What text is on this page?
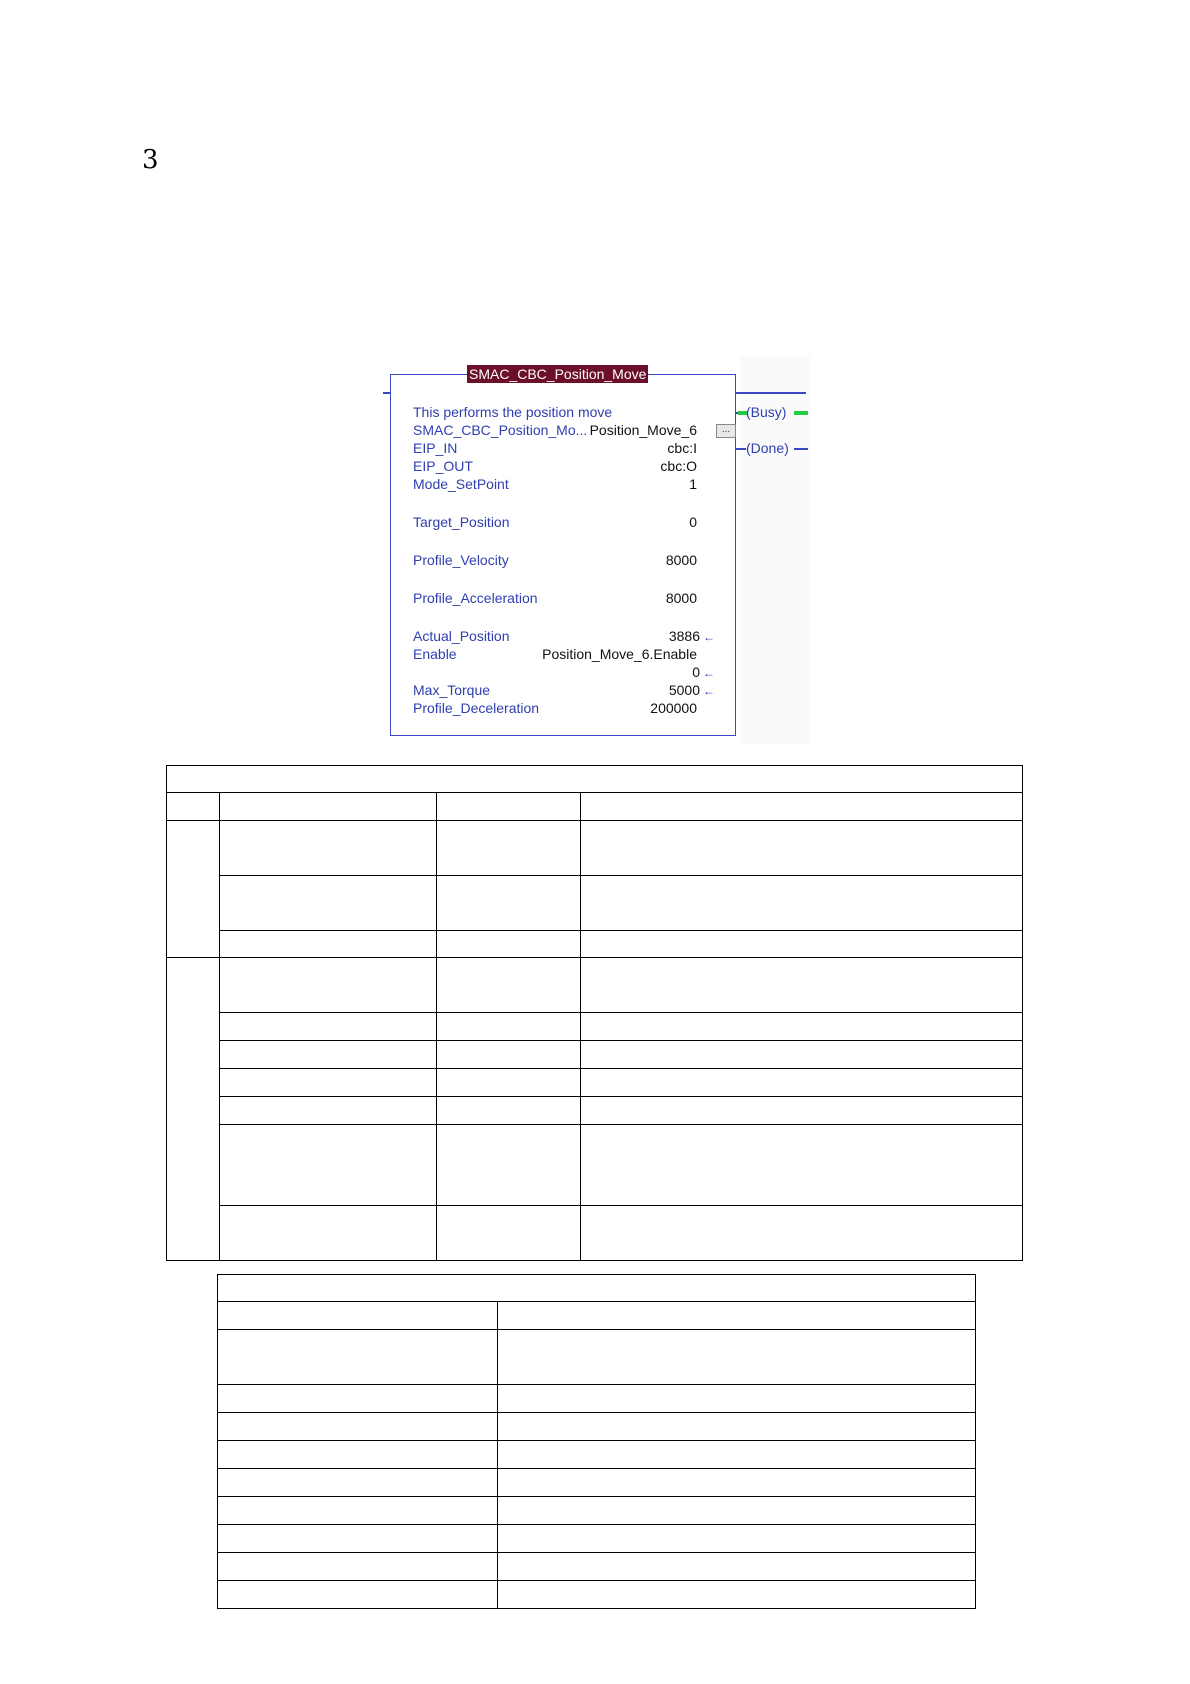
3
(Busy)
(Done)
This performs the position move
SMAC_CBC_Position_Mo... Position_Move_6	...
EIP_IN	cbc:I
EIP_OUT	cbc:O
Mode_SetPoint	1
Target_Position	0
Profile_Velocity	8000
Profile_Acceleration	8000
Actual_Position	3886 ←
Enable	Position_Move_6.Enable
0 ←
Max_Torque	5000 ←
Profile_Deceleration	200000
SMAC_CBC_Position_Move
